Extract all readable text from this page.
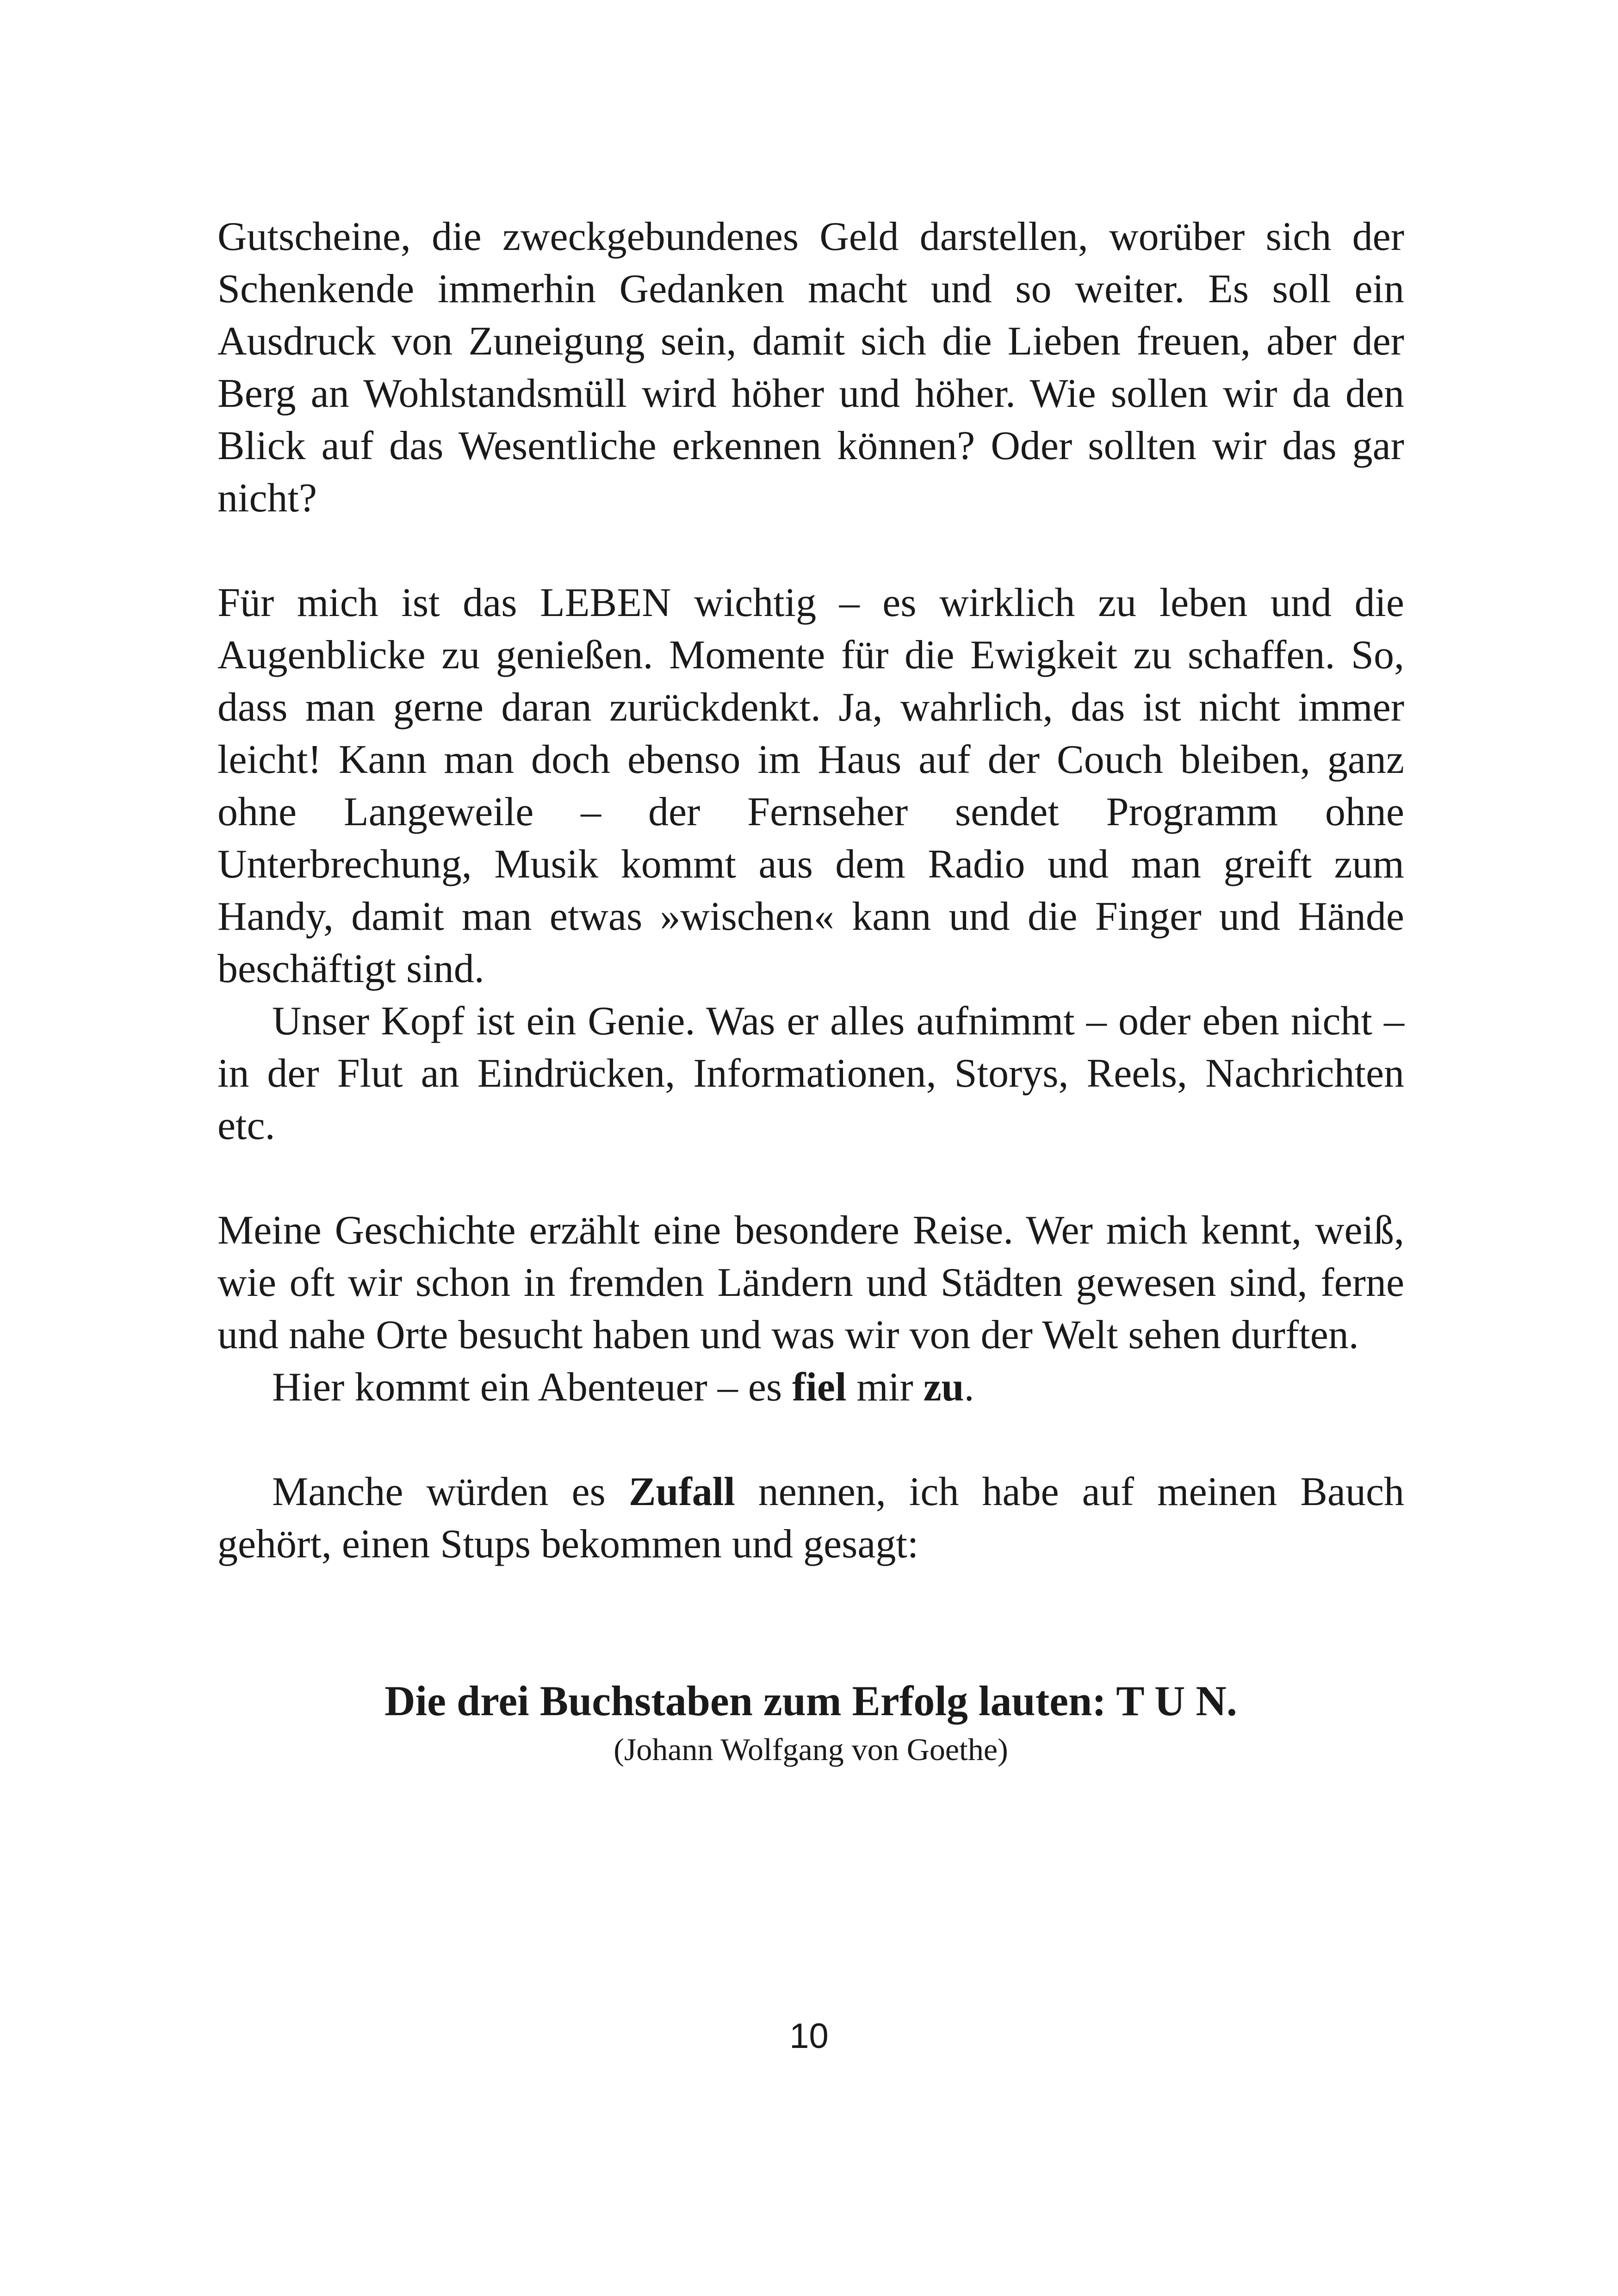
Gutscheine, die zweckgebundenes Geld darstellen, worüber sich der Schenkende immerhin Gedanken macht und so weiter. Es soll ein Ausdruck von Zuneigung sein, damit sich die Lieben freuen, aber der Berg an Wohlstandsmüll wird höher und höher. Wie sollen wir da den Blick auf das Wesentliche erkennen können? Oder sollten wir das gar nicht?

Für mich ist das LEBEN wichtig – es wirklich zu leben und die Augenblicke zu genießen. Momente für die Ewigkeit zu schaffen. So, dass man gerne daran zurückdenkt. Ja, wahrlich, das ist nicht immer leicht! Kann man doch ebenso im Haus auf der Couch bleiben, ganz ohne Langeweile – der Fernseher sendet Programm ohne Unterbrechung, Musik kommt aus dem Radio und man greift zum Handy, damit man etwas »wischen« kann und die Finger und Hände beschäftigt sind.

Unser Kopf ist ein Genie. Was er alles aufnimmt – oder eben nicht – in der Flut an Eindrücken, Informationen, Storys, Reels, Nachrichten etc.

Meine Geschichte erzählt eine besondere Reise. Wer mich kennt, weiß, wie oft wir schon in fremden Ländern und Städten gewesen sind, ferne und nahe Orte besucht haben und was wir von der Welt sehen durften.

Hier kommt ein Abenteuer – es fiel mir zu.

Manche würden es Zufall nennen, ich habe auf meinen Bauch gehört, einen Stups bekommen und gesagt:

Die drei Buchstaben zum Erfolg lauten: T U N.
(Johann Wolfgang von Goethe)
10
